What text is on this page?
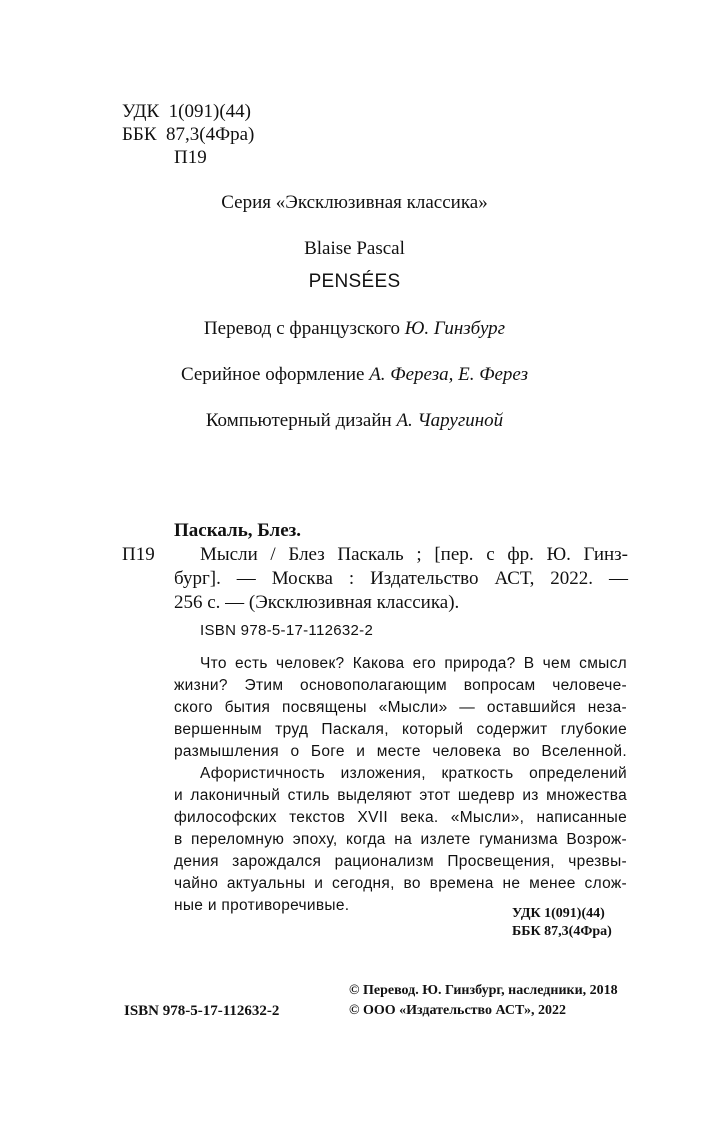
УДК 1(091)(44)
ББК 87,3(4Фра)
П19
Серия «Эксклюзивная классика»
Blaise Pascal
PENSÉES
Перевод с французского Ю. Гинзбург
Серийное оформление А. Фереза, Е. Ферез
Компьютерный дизайн А. Чаругиной
Паскаль, Блез.
П19 Мысли / Блез Паскаль ; [пер. с фр. Ю. Гинз-
бург]. — Москва : Издательство АСТ, 2022. —
256 с. — (Эксклюзивная классика).
ISBN 978-5-17-112632-2
Что есть человек? Какова его природа? В чем смысл
жизни? Этим основополагающим вопросам человече-
ского бытия посвящены «Мысли» — оставшийся неза-
вершенным труд Паскаля, который содержит глубокие
размышления о Боге и месте человека во Вселенной.
Афористичность изложения, краткость определений
и лаконичный стиль выделяют этот шедевр из множества
философских текстов XVII века. «Мысли», написанные
в переломную эпоху, когда на излете гуманизма Возрож-
дения зарождался рационализм Просвещения, чрезвы-
чайно актуальны и сегодня, во времена не менее слож-
ные и противоречивые.	УДК 1(091)(44)
ББК 87,3(4Фра)
© Перевод. Ю. Гинзбург, наследники, 2018
ISBN 978-5-17-112632-2	© ООО «Издательство АСТ», 2022
